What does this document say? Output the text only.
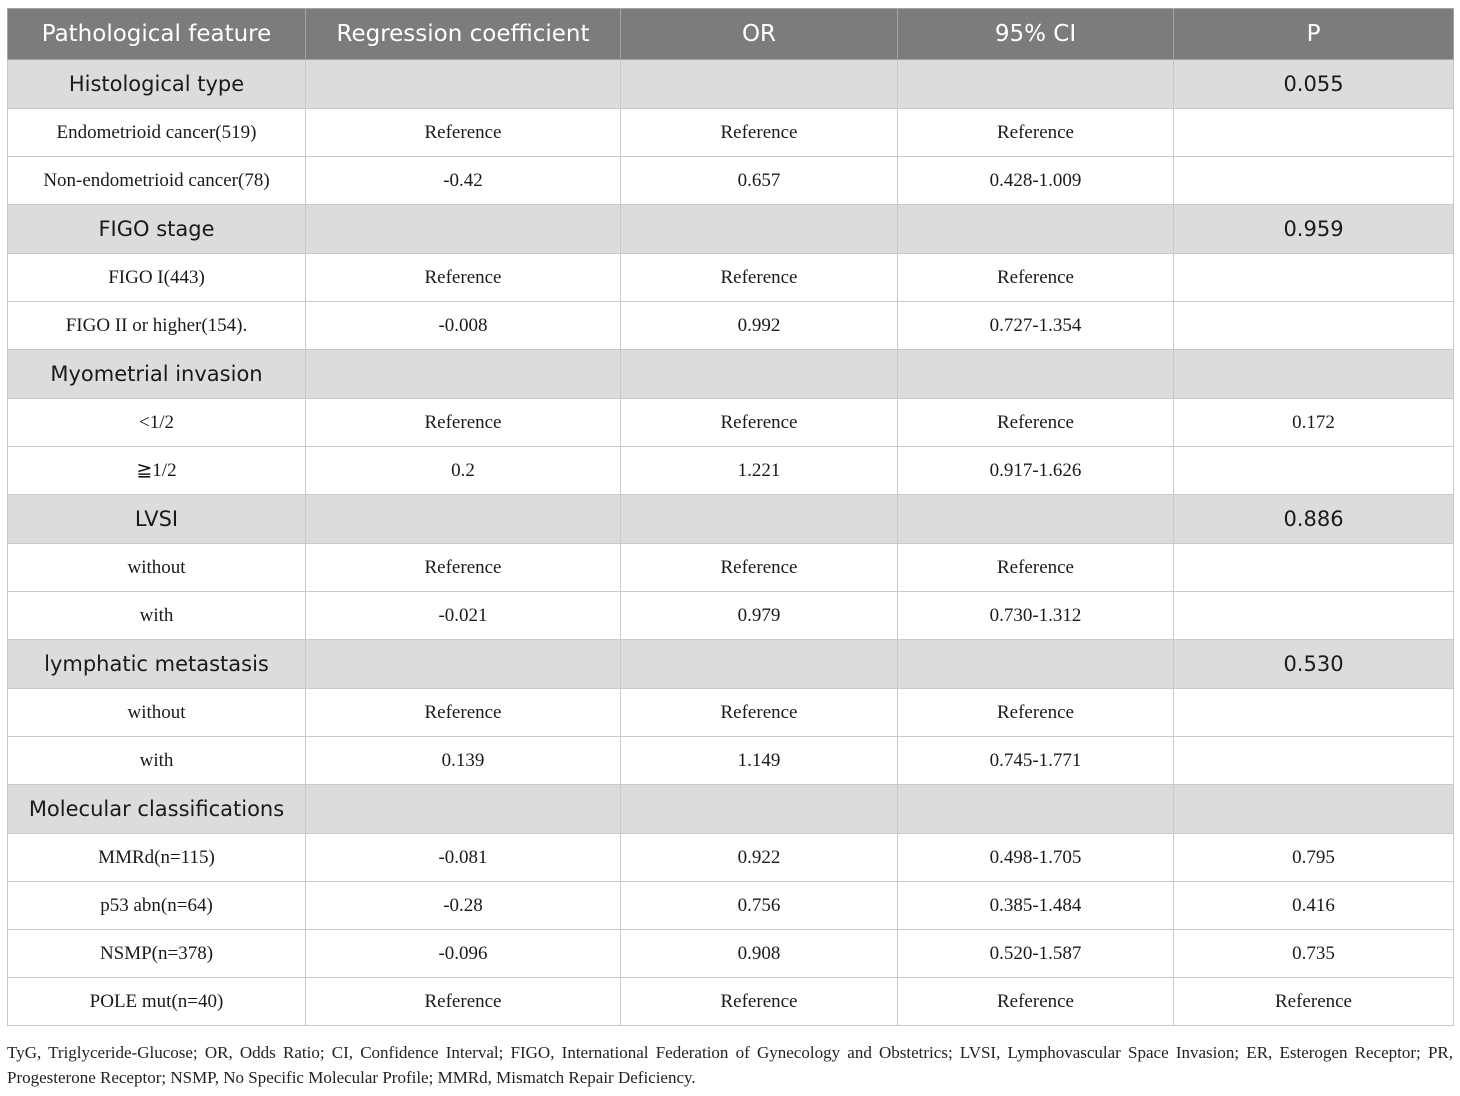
Pathological feature	Regression coefficient	OR	95% CI	P
Histological type				0.055
Endometrioid cancer(519)	Reference	Reference	Reference	
Non-endometrioid cancer(78)	-0.42	0.657	0.428-1.009	
FIGO stage				0.959
FIGO I(443)	Reference	Reference	Reference	
FIGO II or higher(154).	-0.008	0.992	0.727-1.354	
Myometrial invasion				
<1/2	Reference	Reference	Reference	0.172
≧1/2	0.2	1.221	0.917-1.626	
LVSI				0.886
without	Reference	Reference	Reference	
with	-0.021	0.979	0.730-1.312	
lymphatic metastasis				0.530
without	Reference	Reference	Reference	
with	0.139	1.149	0.745-1.771	
Molecular classifications				
MMRd(n=115)	-0.081	0.922	0.498-1.705	0.795
p53 abn(n=64)	-0.28	0.756	0.385-1.484	0.416
NSMP(n=378)	-0.096	0.908	0.520-1.587	0.735
POLE mut(n=40)	Reference	Reference	Reference	Reference
TyG, Triglyceride-Glucose; OR, Odds Ratio; CI, Confidence Interval; FIGO, International Federation of Gynecology and Obstetrics; LVSI, Lymphovascular Space Invasion; ER, Esterogen Receptor; PR, Progesterone Receptor; NSMP, No Specific Molecular Profile; MMRd, Mismatch Repair Deficiency.
